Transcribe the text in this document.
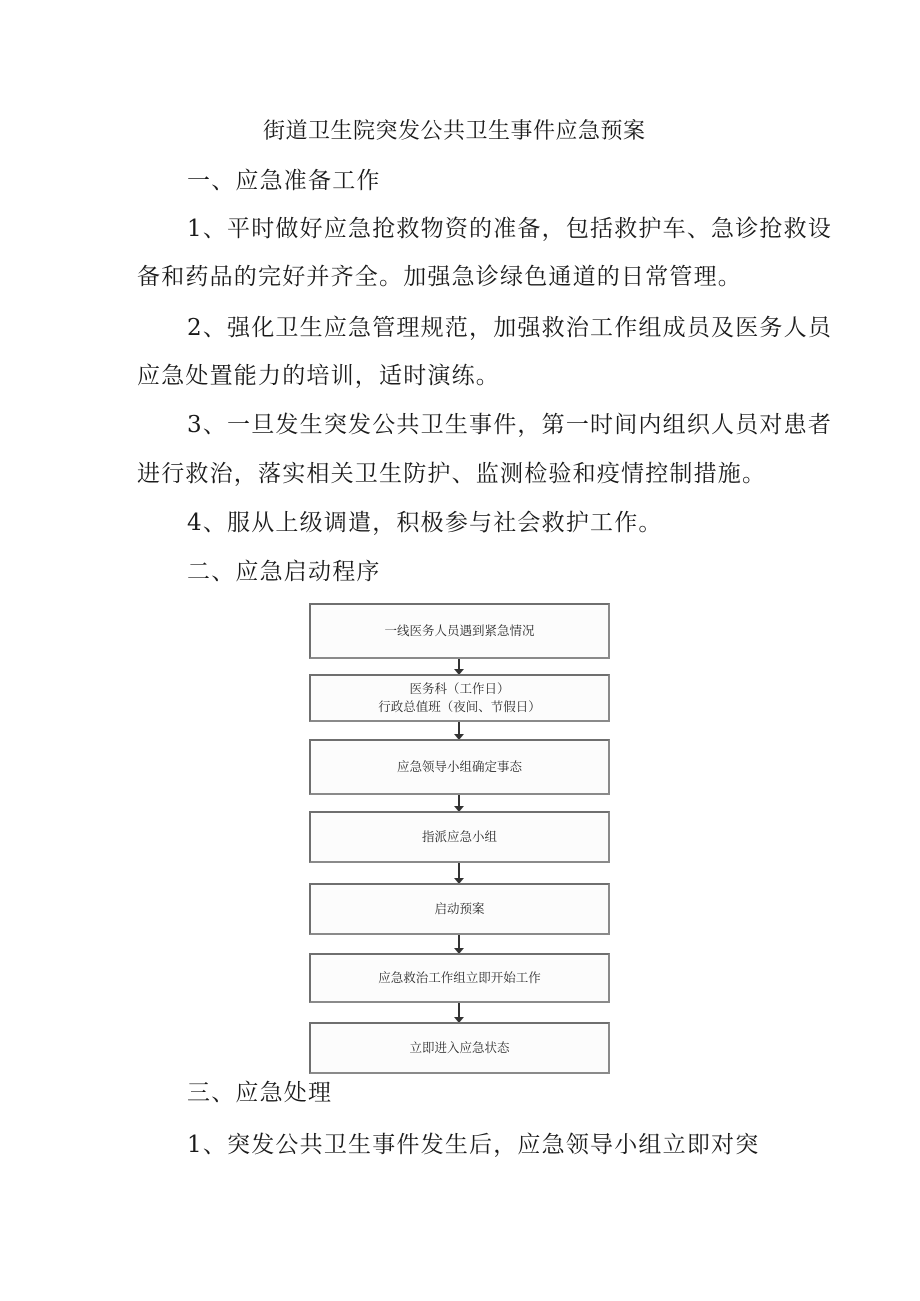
街道卫生院突发公共卫生事件应急预案
一、应急准备工作
1、平时做好应急抢救物资的准备，包括救护车、急诊抢救设
备和药品的完好并齐全。加强急诊绿色通道的日常管理。
2、强化卫生应急管理规范，加强救治工作组成员及医务人员
应急处置能力的培训，适时演练。
3、一旦发生突发公共卫生事件，第一时间内组织人员对患者
进行救治，落实相关卫生防护、监测检验和疫情控制措施。
4、服从上级调遣，积极参与社会救护工作。
二、应急启动程序
一线医务人员遇到紧急情况
医务科（工作日）
行政总值班（夜间、节假日）
应急领导小组确定事态
指派应急小组
启动预案
应急救治工作组立即开始工作
立即进入应急状态
三、应急处理
1、突发公共卫生事件发生后，应急领导小组立即对突
